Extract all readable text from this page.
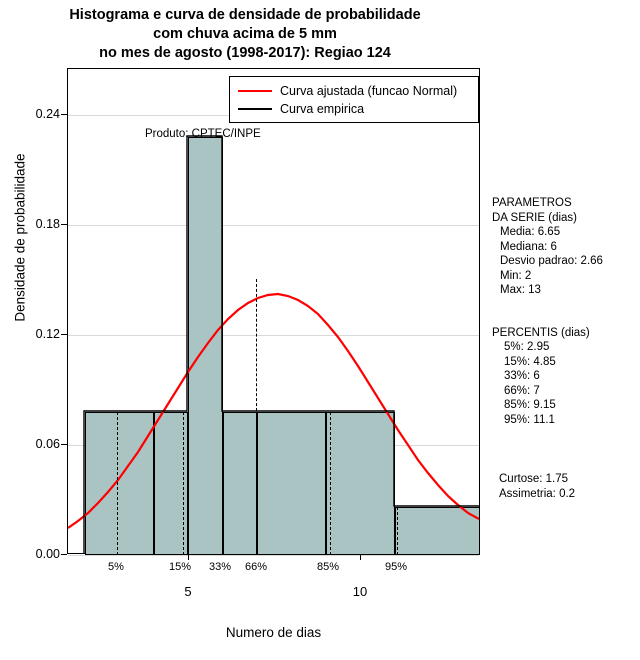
Histograma e curva de densidade de probabilidade
com chuva acima de 5 mm
no mes de agosto (1998-2017): Regiao 124
Densidade de probabilidade
0.00
0.06
0.12
0.18
0.24
5%	15% 33% 66%	85%	95%
5	10
Numero de dias
Curva ajustada (funcao Normal)
Curva empirica
Produto: CPTEC/INPE
PARAMETROS
DA SERIE (dias)
Media: 6.65
Mediana: 6
Desvio padrao: 2.66
Min: 2
Max: 13
PERCENTIS (dias)
5%: 2.95
15%: 4.85
33%: 6
66%: 7
85%: 9.15
95%: 11.1
Curtose: 1.75
Assimetria: 0.2
